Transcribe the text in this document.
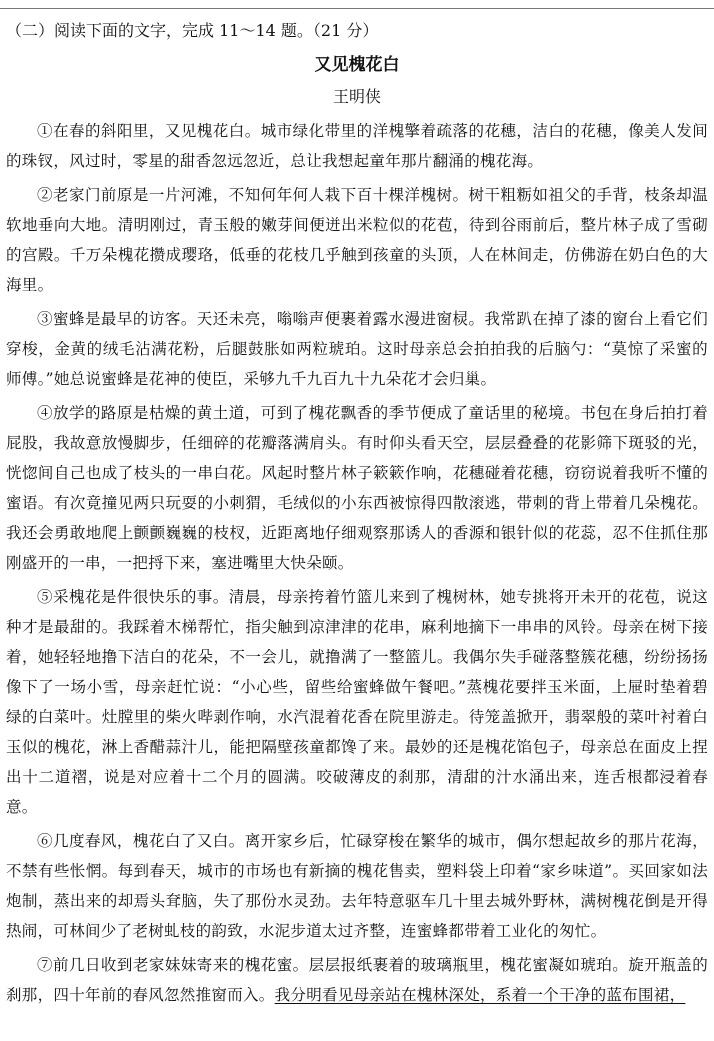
（二）阅读下面的文字，完成 11～14 题。（21 分）
又见槐花白
王明侠

①在春的斜阳里，又见槐花白。城市绿化带里的洋槐擎着疏落的花穗，洁白的花穗，像美人发间的珠钗，风过时，零星的甜香忽远忽近，总让我想起童年那片翻涌的槐花海。

②老家门前原是一片河滩，不知何年何人栽下百十棵洋槐树。树干粗粝如祖父的手背，枝条却温软地垂向大地。清明刚过，青玉般的嫩芽间便迸出米粒似的花苞，待到谷雨前后，整片林子成了雪砌的宫殿。千万朵槐花攒成璎珞，低垂的花枝几乎触到孩童的头顶，人在林间走，仿佛游在奶白色的大海里。

③蜜蜂是最早的访客。天还未亮，嗡嗡声便裹着露水漫进窗棂。我常趴在掉了漆的窗台上看它们穿梭，金黄的绒毛沾满花粉，后腿鼓胀如两粒琥珀。这时母亲总会拍拍我的后脑勺：“莫惊了采蜜的师傅。”她总说蜜蜂是花神的使臣，采够九千九百九十九朵花才会归巢。

④放学的路原是枯燥的黄土道，可到了槐花飘香的季节便成了童话里的秘境。书包在身后拍打着屁股，我故意放慢脚步，任细碎的花瓣落满肩头。有时仰头看天空，层层叠叠的花影筛下斑驳的光，恍惚间自己也成了枝头的一串白花。风起时整片林子簌簌作响，花穗碰着花穗，窃窃说着我听不懂的蜜语。有次竟撞见两只玩耍的小刺猬，毛绒似的小东西被惊得四散滚逃，带刺的背上带着几朵槐花。我还会勇敢地爬上颤颤巍巍的枝杈，近距离地仔细观察那诱人的香源和银针似的花蕊，忍不住抓住那刚盛开的一串，一把捋下来，塞进嘴里大快朵颐。

⑤采槐花是件很快乐的事。清晨，母亲挎着竹篮儿来到了槐树林，她专挑将开未开的花苞，说这种才是最甜的。我踩着木梯帮忙，指尖触到凉津津的花串，麻利地摘下一串串的风铃。母亲在树下接着，她轻轻地撸下洁白的花朵，不一会儿，就撸满了一整篮儿。我偶尔失手碰落整簇花穗，纷纷扬扬像下了一场小雪，母亲赶忙说：“小心些，留些给蜜蜂做午餐吧。”蒸槐花要拌玉米面，上屉时垫着碧绿的白菜叶。灶膛里的柴火哔剥作响，水汽混着花香在院里游走。待笼盖掀开，翡翠般的菜叶衬着白玉似的槐花，淋上香醋蒜汁儿，能把隔壁孩童都馋了来。最妙的还是槐花馅包子，母亲总在面皮上捏出十二道褶，说是对应着十二个月的圆满。咬破薄皮的刹那，清甜的汁水涌出来，连舌根都浸着春意。

⑥几度春风，槐花白了又白。离开家乡后，忙碌穿梭在繁华的城市，偶尔想起故乡的那片花海，不禁有些怅惘。每到春天，城市的市场也有新摘的槐花售卖，塑料袋上印着“家乡味道”。买回家如法炮制，蒸出来的却焉头耷脑，失了那份水灵劲。去年特意驱车几十里去城外野林，满树槐花倒是开得热闹，可林间少了老树虬枝的韵致，水泥步道太过齐整，连蜜蜂都带着工业化的匆忙。

⑦前几日收到老家妹妹寄来的槐花蜜。层层报纸裹着的玻璃瓶里，槐花蜜凝如琥珀。旋开瓶盖的刹那，四十年前的春风忽然推窗而入。我分明看见母亲站在槐林深处，系着一个干净的蓝布围裙，
